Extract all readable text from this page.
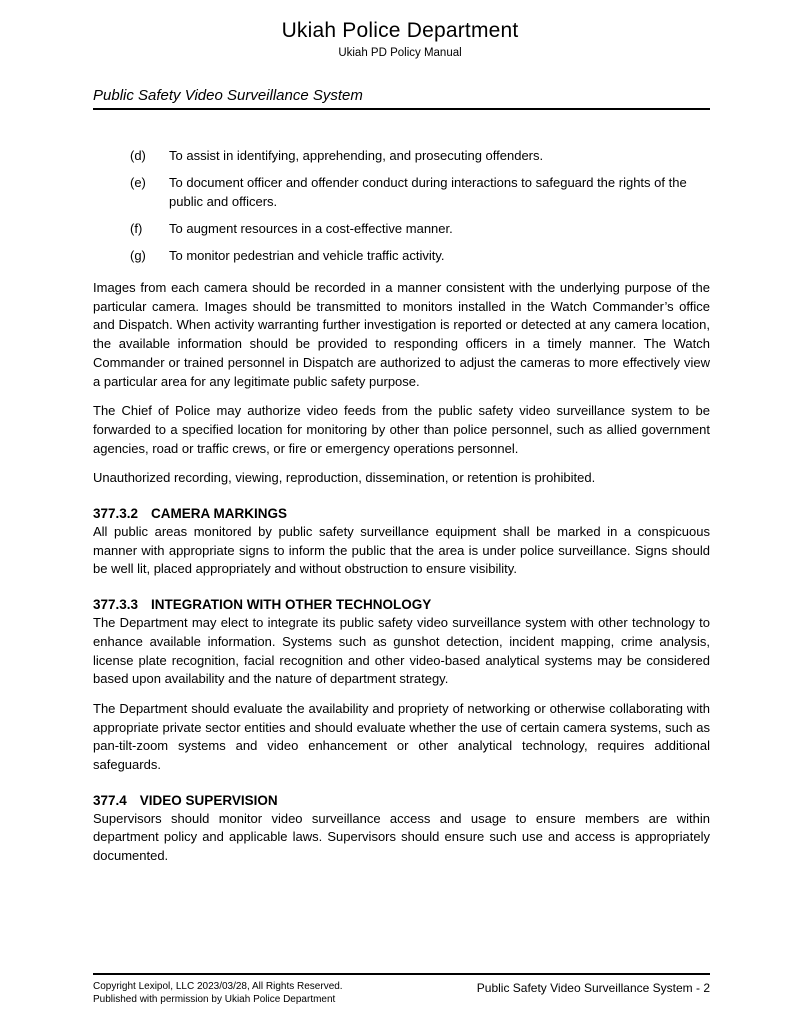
Ukiah Police Department
Ukiah PD Policy Manual
Public Safety Video Surveillance System
(d) To assist in identifying, apprehending, and prosecuting offenders.
(e) To document officer and offender conduct during interactions to safeguard the rights of the public and officers.
(f) To augment resources in a cost-effective manner.
(g) To monitor pedestrian and vehicle traffic activity.

Images from each camera should be recorded in a manner consistent with the underlying purpose of the particular camera. Images should be transmitted to monitors installed in the Watch Commander’s office and Dispatch. When activity warranting further investigation is reported or detected at any camera location, the available information should be provided to responding officers in a timely manner. The Watch Commander or trained personnel in Dispatch are authorized to adjust the cameras to more effectively view a particular area for any legitimate public safety purpose.

The Chief of Police may authorize video feeds from the public safety video surveillance system to be forwarded to a specified location for monitoring by other than police personnel, such as allied government agencies, road or traffic crews, or fire or emergency operations personnel.

Unauthorized recording, viewing, reproduction, dissemination, or retention is prohibited.

377.3.2 CAMERA MARKINGS

All public areas monitored by public safety surveillance equipment shall be marked in a conspicuous manner with appropriate signs to inform the public that the area is under police surveillance. Signs should be well lit, placed appropriately and without obstruction to ensure visibility.

377.3.3 INTEGRATION WITH OTHER TECHNOLOGY

The Department may elect to integrate its public safety video surveillance system with other technology to enhance available information. Systems such as gunshot detection, incident mapping, crime analysis, license plate recognition, facial recognition and other video-based analytical systems may be considered based upon availability and the nature of department strategy.

The Department should evaluate the availability and propriety of networking or otherwise collaborating with appropriate private sector entities and should evaluate whether the use of certain camera systems, such as pan-tilt-zoom systems and video enhancement or other analytical technology, requires additional safeguards.

377.4 VIDEO SUPERVISION

Supervisors should monitor video surveillance access and usage to ensure members are within department policy and applicable laws. Supervisors should ensure such use and access is appropriately documented.

Copyright Lexipol, LLC 2023/03/28, All Rights Reserved.
Published with permission by Ukiah Police Department
Public Safety Video Surveillance System - 2
